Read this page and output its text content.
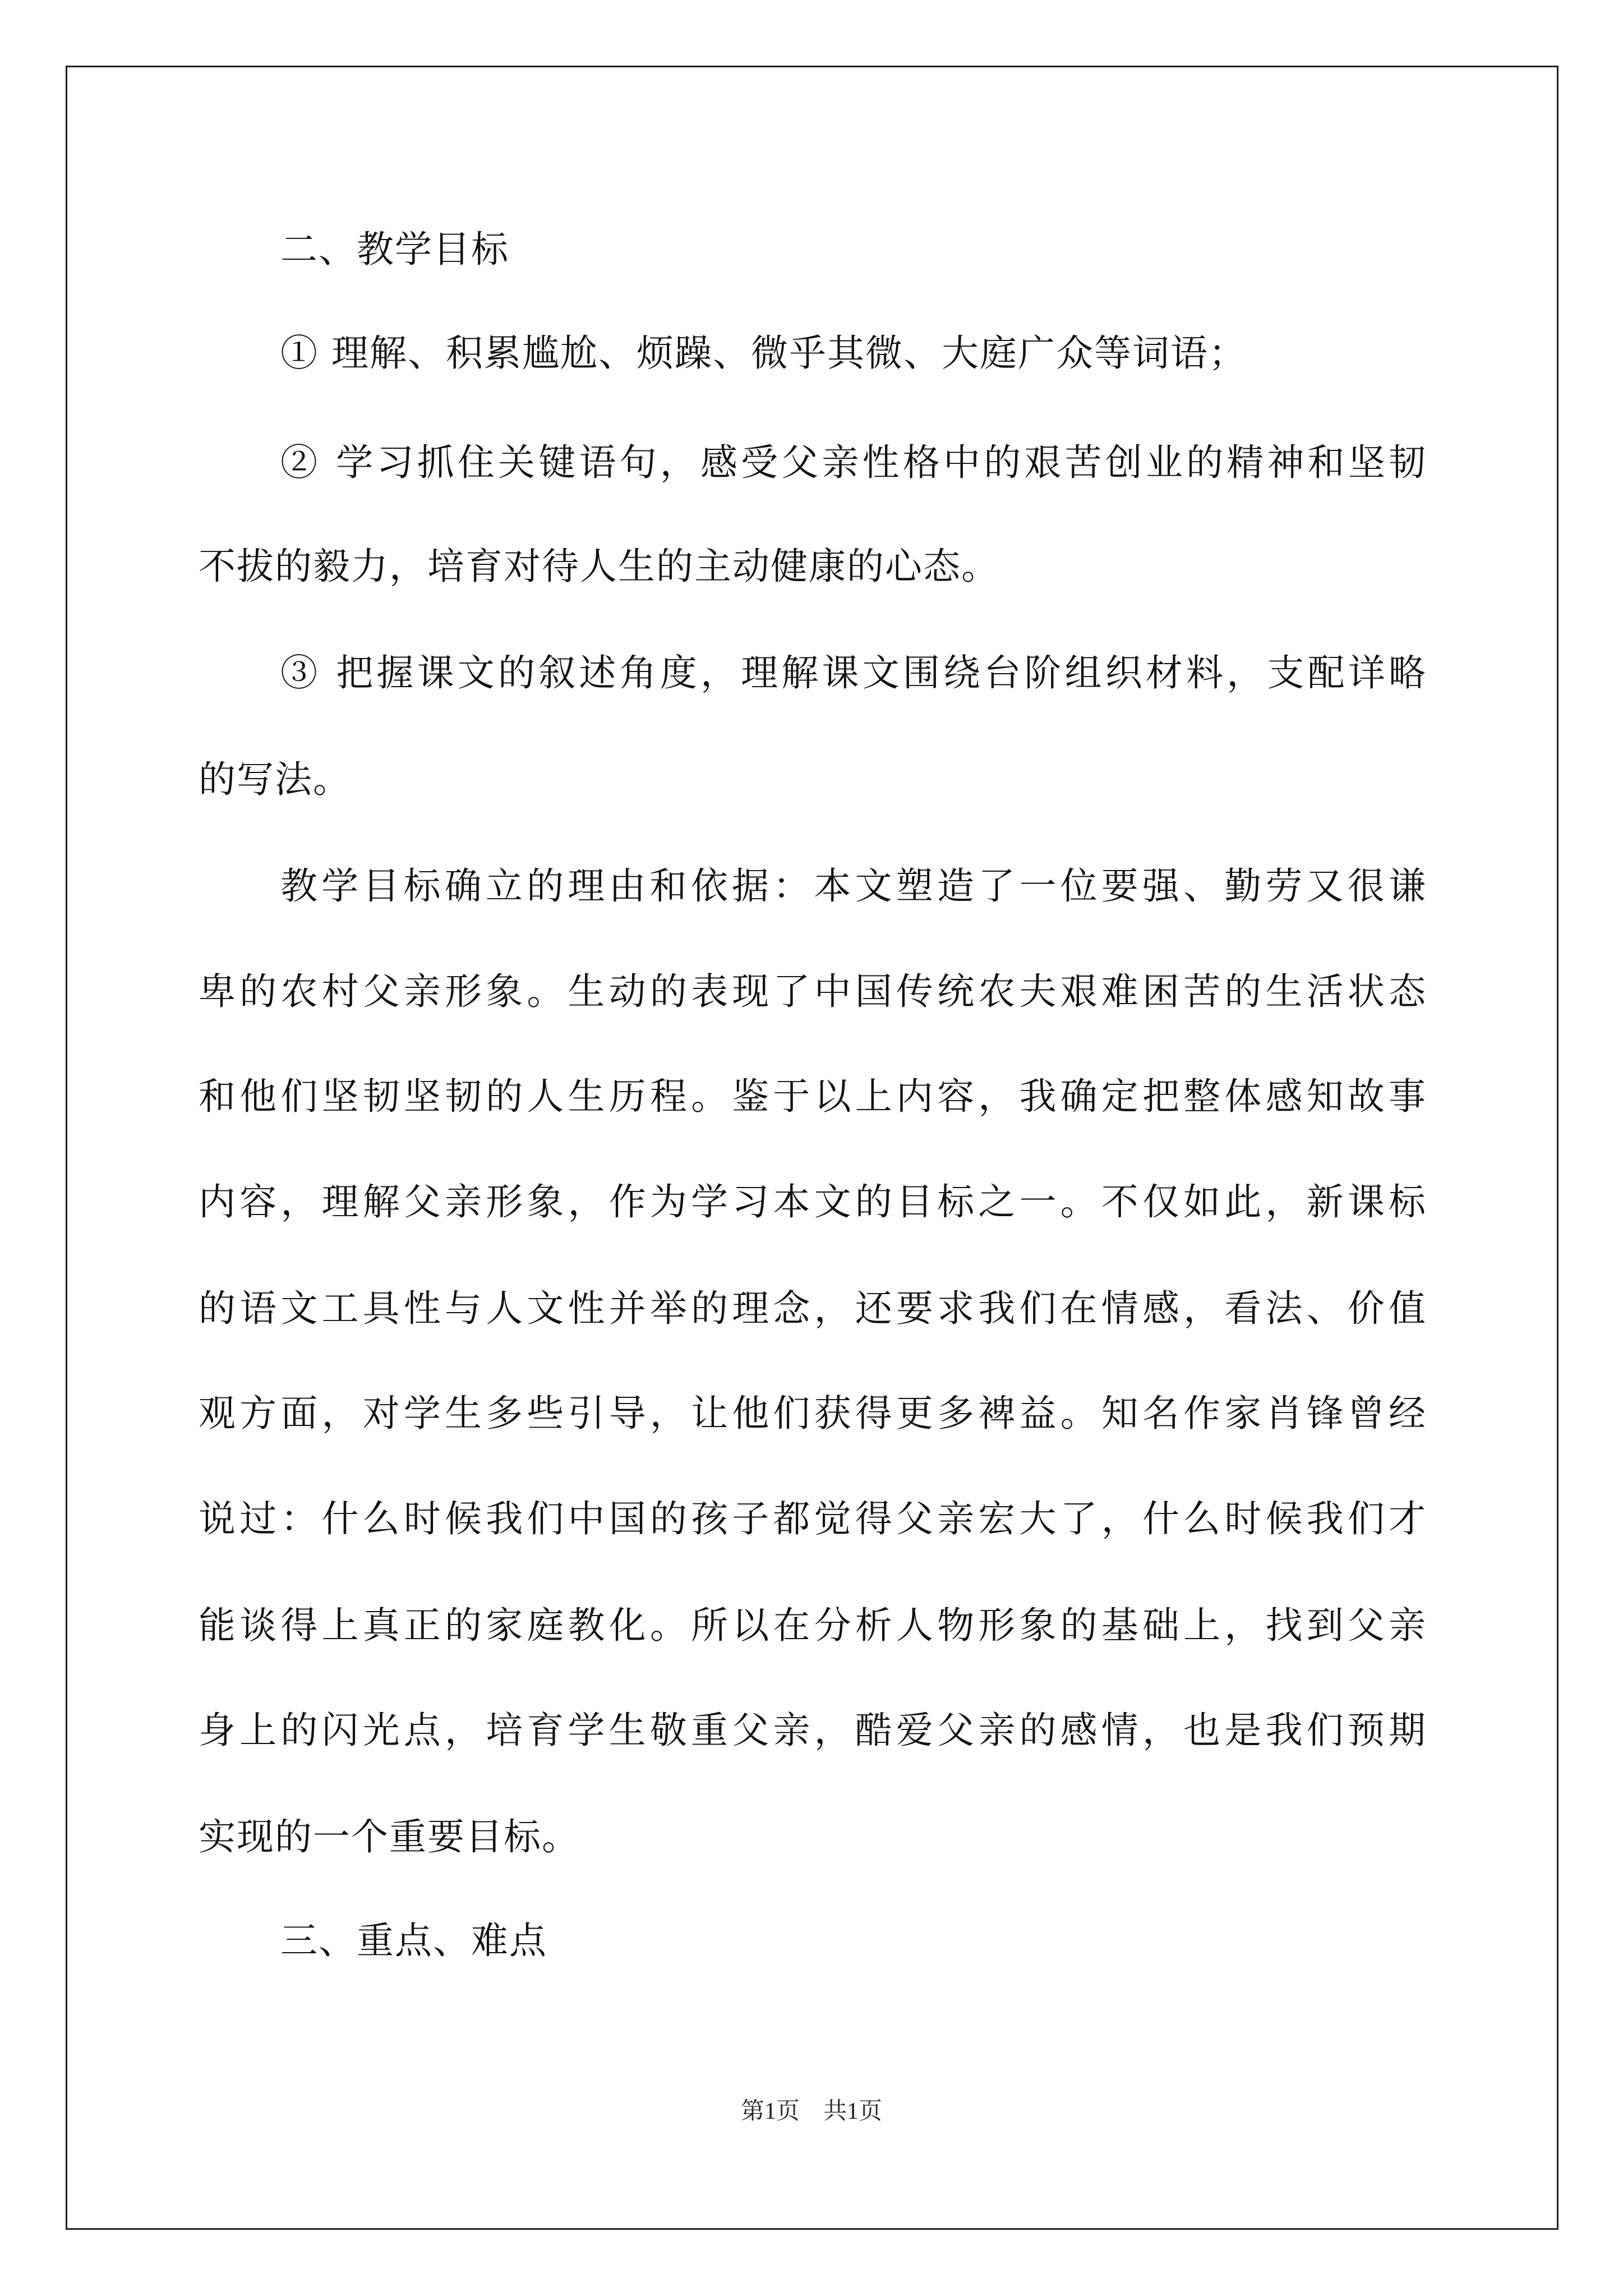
二、教学目标
① 理解、积累尴尬、烦躁、微乎其微、大庭广众等词语；
② 学习抓住关键语句，感受父亲性格中的艰苦创业的精神和坚韧
不拔的毅力，培育对待人生的主动健康的心态。
③ 把握课文的叙述角度，理解课文围绕台阶组织材料，支配详略
的写法。
教学目标确立的理由和依据：本文塑造了一位要强、勤劳又很谦
卑的农村父亲形象。生动的表现了中国传统农夫艰难困苦的生活状态
和他们坚韧坚韧的人生历程。鉴于以上内容，我确定把整体感知故事
内容，理解父亲形象，作为学习本文的目标之一。不仅如此，新课标
的语文工具性与人文性并举的理念，还要求我们在情感，看法、价值
观方面，对学生多些引导，让他们获得更多裨益。知名作家肖锋曾经
说过：什么时候我们中国的孩子都觉得父亲宏大了，什么时候我们才
能谈得上真正的家庭教化。所以在分析人物形象的基础上，找到父亲
身上的闪光点，培育学生敬重父亲，酷爱父亲的感情，也是我们预期
实现的一个重要目标。
三、重点、难点
第1页　共1页
